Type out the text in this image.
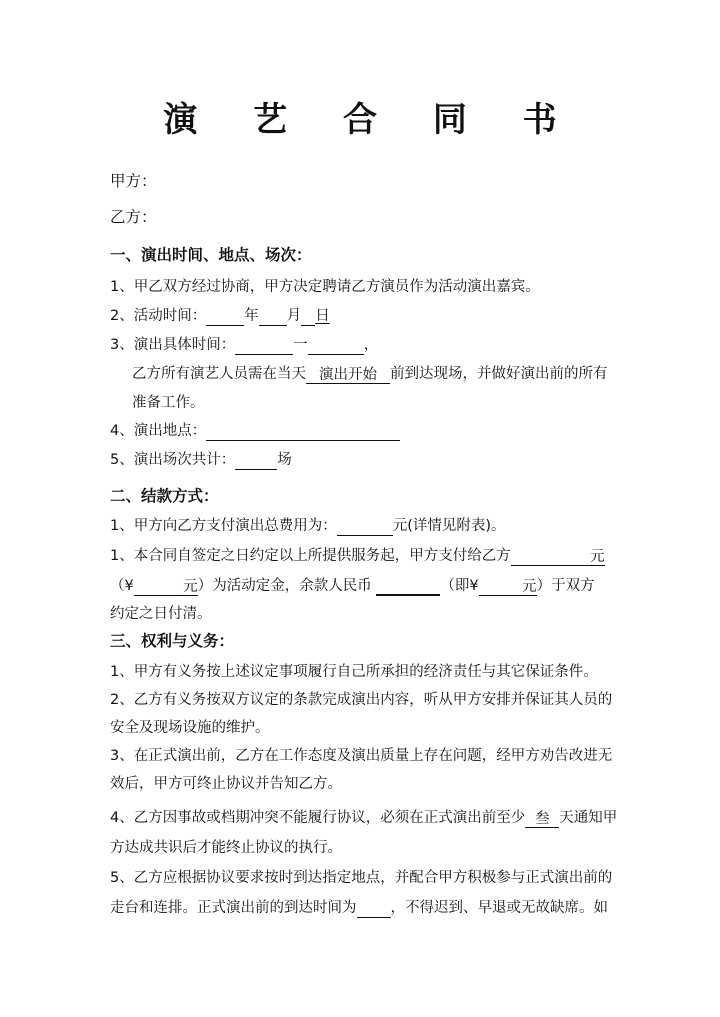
演 艺 合 同 书
甲方：
乙方：
一、演出时间、地点、场次：
1、甲乙双方经过协商，甲方决定聘请乙方演员作为活动演出嘉宾。
2、活动时间：	年 月 日
3、演出具体时间：	一	，
乙方所有演艺人员需在当天 演出开始 前到达现场，并做好演出前的所有
准备工作。
4、演出地点：
5、演出场次共计：	场
二、结款方式：
1、甲方向乙方支付演出总费用为：	元(详情见附表)。
1、本合同自签定之日约定以上所提供服务起，甲方支付给乙方	元
（¥	元）为活动定金，余款人民币	（即¥	元）于双方
约定之日付清。
三、权利与义务：
1、甲方有义务按上述议定事项履行自己所承担的经济责任与其它保证条件。
2、乙方有义务按双方议定的条款完成演出内容，听从甲方安排并保证其人员的
安全及现场设施的维护。
3、在正式演出前，乙方在工作态度及演出质量上存在问题，经甲方劝告改进无
效后，甲方可终止协议并告知乙方。
4、乙方因事故或档期冲突不能履行协议，必须在正式演出前至少 叁 天通知甲
方达成共识后才能终止协议的执行。
5、乙方应根据协议要求按时到达指定地点，并配合甲方积极参与正式演出前的
走台和连排。正式演出前的到达时间为 ，不得迟到、早退或无故缺席。如
